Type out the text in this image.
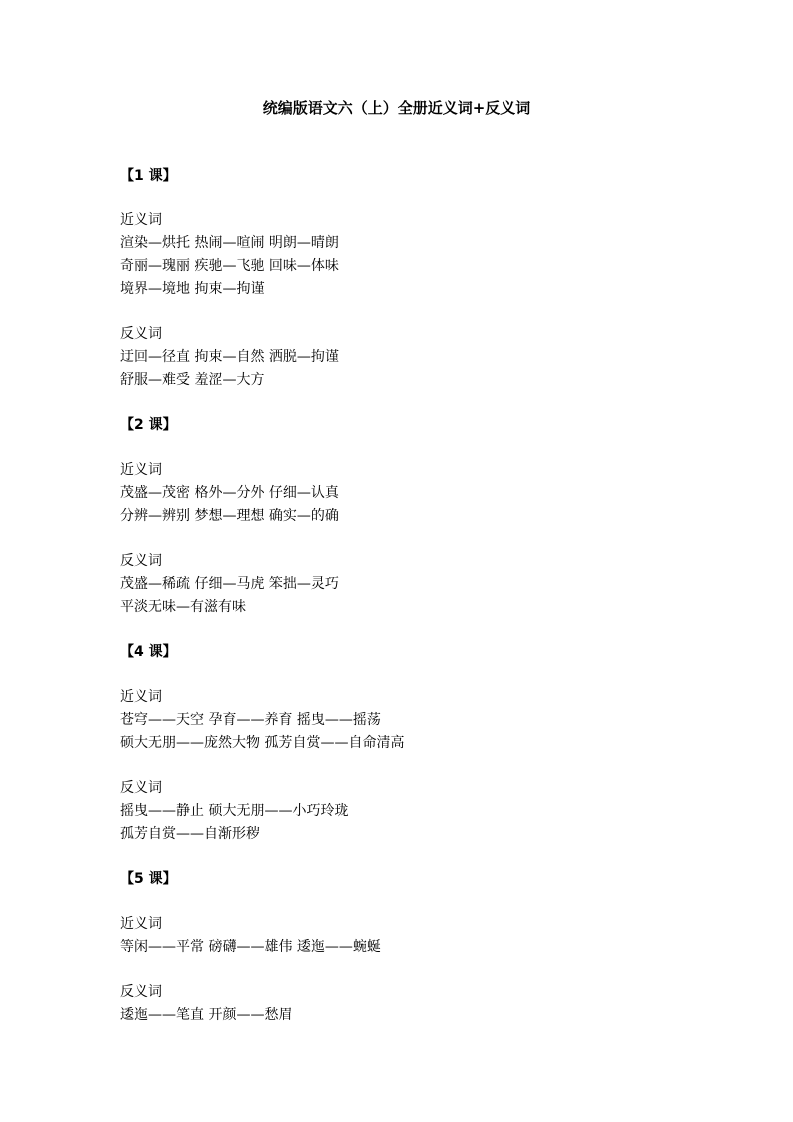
统编版语文六（上）全册近义词+反义词
【1 课】
近义词
渲染—烘托 热闹—喧闹 明朗—晴朗
奇丽—瑰丽 疾驰—飞驰 回味—体味
境界—境地 拘束—拘谨
反义词
迂回—径直 拘束—自然 洒脱—拘谨
舒服—难受 羞涩—大方
【2 课】
近义词
茂盛—茂密 格外—分外 仔细—认真
分辨—辨别 梦想—理想 确实—的确
反义词
茂盛—稀疏 仔细—马虎 笨拙—灵巧
平淡无味—有滋有味
【4 课】
近义词
苍穹——天空 孕育——养育 摇曳——摇荡
硕大无朋——庞然大物 孤芳自赏——自命清高
反义词
摇曳——静止 硕大无朋——小巧玲珑
孤芳自赏——自渐形秽
【5 课】
近义词
等闲——平常 磅礴——雄伟 逶迤——蜿蜒
反义词
逶迤——笔直 开颜——愁眉
